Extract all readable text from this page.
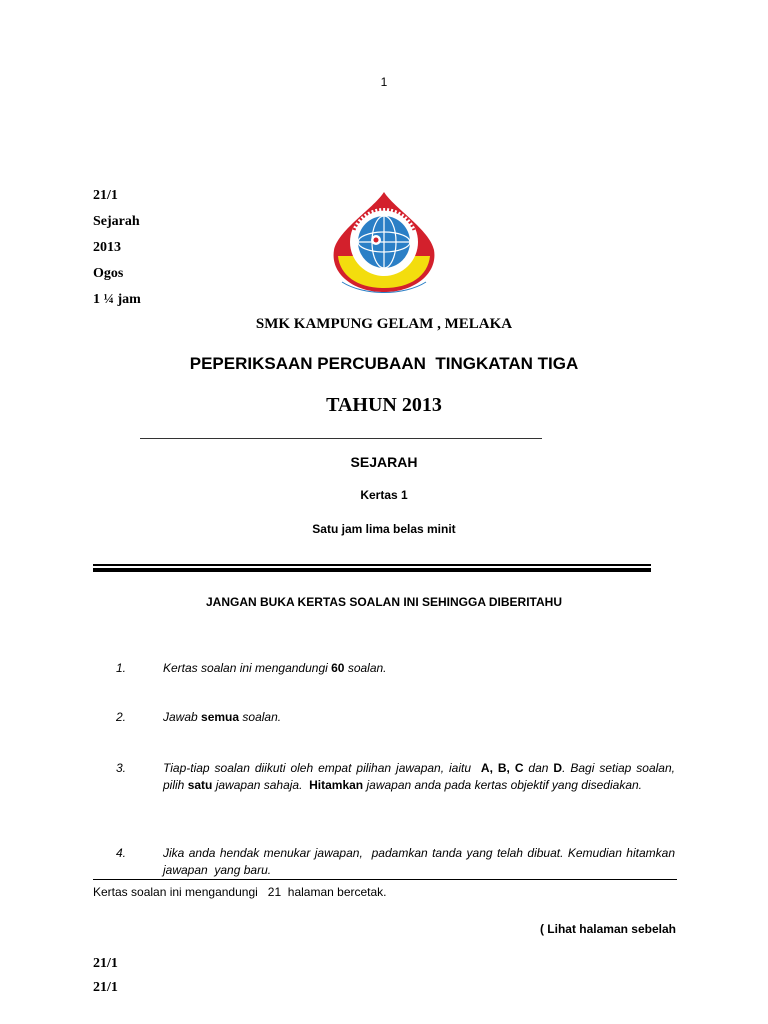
1
21/1
Sejarah
2013
Ogos
1 ¼ jam
SMK KAMPUNG GELAM , MELAKA
PEPERIKSAAN PERCUBAAN  TINGKATAN TIGA
TAHUN 2013
SEJARAH
Kertas 1
Satu jam lima belas minit
JANGAN BUKA KERTAS SOALAN INI SEHINGGA DIBERITAHU
1.	Kertas soalan ini mengandungi 60 soalan.
2.	Jawab semua soalan.
3.	Tiap-tiap soalan diikuti oleh empat pilihan jawapan, iaitu  A, B, C dan D. Bagi setiap soalan,  pilih satu jawapan sahaja.  Hitamkan jawapan anda pada kertas objektif yang disediakan.
4.	Jika anda hendak menukar jawapan,  padamkan tanda yang telah dibuat. Kemudian hitamkan jawapan  yang baru.
Kertas soalan ini mengandungi   21  halaman bercetak.
( Lihat halaman sebelah
21/1
21/1
